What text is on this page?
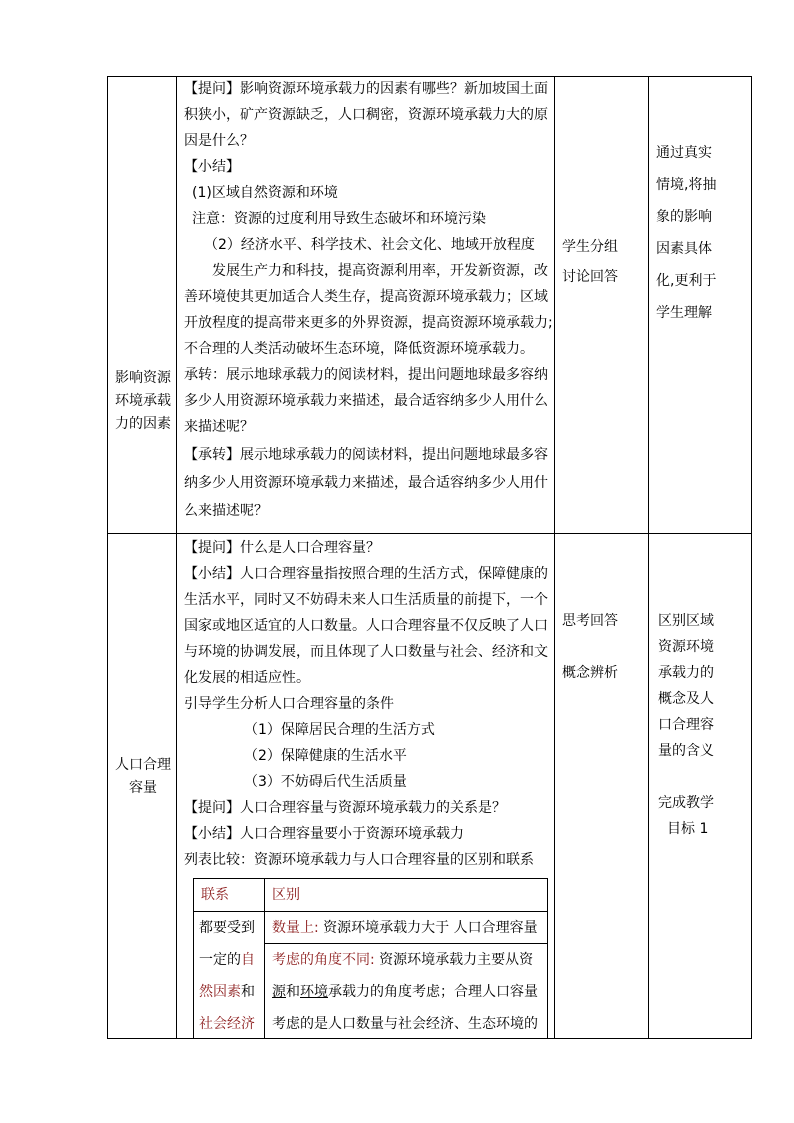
影响资源
环境承载
力的因素
【提问】影响资源环境承载力的因素有哪些？新加坡国土面
积狭小，矿产资源缺乏，人口稠密，资源环境承载力大的原
因是什么？
【小结】
(1)区域自然资源和环境
注意：资源的过度利用导致生态破坏和环境污染
（2）经济水平、科学技术、社会文化、地域开放程度
发展生产力和科技，提高资源利用率，开发新资源，改
善环境使其更加适合人类生存，提高资源环境承载力；区域
开放程度的提高带来更多的外界资源，提高资源环境承载力;
不合理的人类活动破坏生态环境，降低资源环境承载力。
承转：展示地球承载力的阅读材料，提出问题地球最多容纳
多少人用资源环境承载力来描述，最合适容纳多少人用什么
来描述呢？
【承转】展示地球承载力的阅读材料，提出问题地球最多容
纳多少人用资源环境承载力来描述，最合适容纳多少人用什
么来描述呢？
学生分组
讨论回答
通过真实
情境,将抽
象的影响
因素具体
化,更利于
学生理解
人口合理
容量
【提问】什么是人口合理容量？
【小结】人口合理容量指按照合理的生活方式，保障健康的
生活水平，同时又不妨碍未来人口生活质量的前提下，一个
国家或地区适宜的人口数量。人口合理容量不仅反映了人口
与环境的协调发展，而且体现了人口数量与社会、经济和文
化发展的相适应性。
引导学生分析人口合理容量的条件
（1）保障居民合理的生活方式
（2）保障健康的生活水平
（3）不妨碍后代生活质量
【提问】人口合理容量与资源环境承载力的关系是？
【小结】人口合理容量要小于资源环境承载力
列表比较：资源环境承载力与人口合理容量的区别和联系
思考回答
概念辨析
区别区域
资源环境
承载力的
概念及人
口合理容
量的含义
完成教学
目标 1
联系	区别
都要受到
一定的自
然因素和
社会经济
数量上: 资源环境承载力大于 人口合理容量
考虑的角度不同: 资源环境承载力主要从资
源和环境承载力的角度考虑；合理人口容量
考虑的是人口数量与社会经济、生态环境的
